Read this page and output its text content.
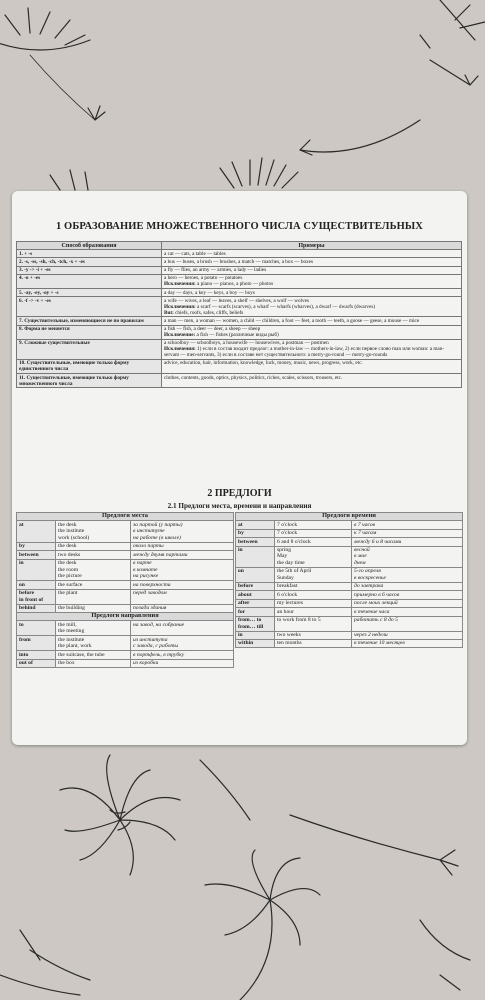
1 ОБРАЗОВАНИЕ МНОЖЕСТВЕННОГО ЧИСЛА СУЩЕСТВИТЕЛЬНЫХ
Способ образования	Примеры
1. + -s	a cat — cats, a table — tables
2. -s, -ss, -sh, -ch, -tch, -x + -es	a bus — buses, a brush — brushes, a match — matches, a box — boxes
3. -y -> -i + -es	a fly — flies, an army — armies, a lady — ladies
4. -o + -es	a hero — heroes, a potato — potatoes
Исключения: a piano — pianos, a photo — photos
5. -ay, -ey, -oy + -s	a day — days, a key — keys, a boy — boys
6. -f -> -v + -es	a wife — wives, a leaf — leaves, a shelf — shelves, a wolf — wolves
Исключения: a scarf — scarfs (scarves), a wharf — wharfs (wharves), a dwarf — dwarfs (dwarves)
But: chiefs, roofs, safes, cliffs, beliefs
7. Существительные, изменяющиеся не по правилам	a man — men, a woman — women, a child — children, a foot — feet, a tooth — teeth, a goose — geese, a mouse — mice
8. Форма не меняется	a fish — fish, a deer — deer, a sheep — sheep
Исключение: a fish — fishes (различные виды рыб)
9. Сложные существительные	a schoolboy — schoolboys, a housewife — housewives, a postman — postmen
Исключения: 1) если в состав входит предлог: a mother-in-law — mothers-in-law, 2) если первое слово man или woman: a man-servant — men-servants, 3) если в составе нет существительного: a merry-go-round — merry-go-rounds
10. Существительные, имеющие только форму единственного числа	advice, education, hair, information, knowledge, luck, money, music, news, progress, work, etc.
11. Существительные, имеющие только форму множественного числа	clothes, contents, goods, optics, physics, politics, riches, scales, scissors, trousers, etc.
2 ПРЕДЛОГИ
2.1 Предлоги места, времени и направления
Предлоги места		
at	the desk
the institute
work (school)	за партой (у парты)
в институте
на работе (в школе)
by	the desk	около парты
between	two desks	между двумя партами
in	the desk
the room
the picture	в парте
в комнате
на рисунке
on	the surface	на поверхности
before
in front of	the plant	перед заводом
behind	the building	позади здания
Предлоги направления		
to	the mill,
the meeting	на завод, на собрание
from	the institute
the plant, work	из института
с завода, с работы
into	the suitcase, the tube	в портфель, в трубку
out of	the box	из коробки
Предлоги времени		
at	7 o'clock	в 7 часов
by	7 o'clock	к 7 часам
between	6 and 8 o'clock	между 6 и 8 часами
in	spring
May
the day time	весной
в мае
днем
on	the 5th of April
Sunday	5-го апреля
в воскресенье
before	breakfast	до завтрака
about	6 o'clock	примерно в 6 часов
after	my lectures	после моих лекций
for	an hour	в течение часа
from… to
from… till	to work from 8 to 5	работать с 8 до 5
in	two weeks	через 2 недели
within	ten months	в течение 10 месяцев
